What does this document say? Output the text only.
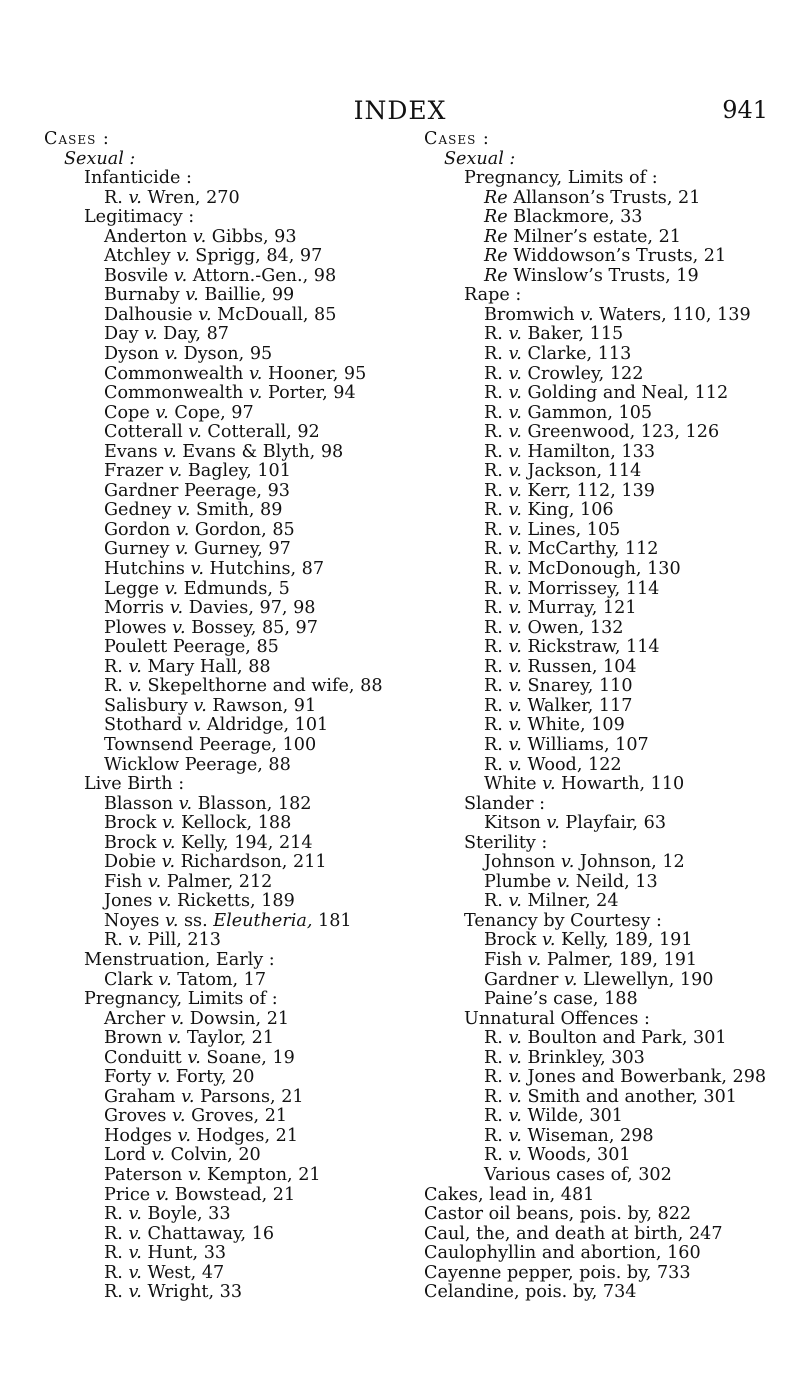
INDEX	941
Cases :
Sexual :
Infanticide :
R. v. Wren, 270
Legitimacy :
Anderton v. Gibbs, 93
Atchley v. Sprigg, 84, 97
Bosvile v. Attorn.-Gen., 98
Burnaby v. Baillie, 99
Dalhousie v. McDouall, 85
Day v. Day, 87
Dyson v. Dyson, 95
Commonwealth v. Hooner, 95
Commonwealth v. Porter, 94
Cope v. Cope, 97
Cotterall v. Cotterall, 92
Evans v. Evans & Blyth, 98
Frazer v. Bagley, 101
Gardner Peerage, 93
Gedney v. Smith, 89
Gordon v. Gordon, 85
Gurney v. Gurney, 97
Hutchins v. Hutchins, 87
Legge v. Edmunds, 5
Morris v. Davies, 97, 98
Plowes v. Bossey, 85, 97
Poulett Peerage, 85
R. v. Mary Hall, 88
R. v. Skepelthorne and wife, 88
Salisbury v. Rawson, 91
Stothard v. Aldridge, 101
Townsend Peerage, 100
Wicklow Peerage, 88
Live Birth :
Blasson v. Blasson, 182
Brock v. Kellock, 188
Brock v. Kelly, 194, 214
Dobie v. Richardson, 211
Fish v. Palmer, 212
Jones v. Ricketts, 189
Noyes v. ss. Eleutheria, 181
R. v. Pill, 213
Menstruation, Early :
Clark v. Tatom, 17
Pregnancy, Limits of :
Archer v. Dowsin, 21
Brown v. Taylor, 21
Conduitt v. Soane, 19
Forty v. Forty, 20
Graham v. Parsons, 21
Groves v. Groves, 21
Hodges v. Hodges, 21
Lord v. Colvin, 20
Paterson v. Kempton, 21
Price v. Bowstead, 21
R. v. Boyle, 33
R. v. Chattaway, 16
R. v. Hunt, 33
R. v. West, 47
R. v. Wright, 33
Cases :
Sexual :
Pregnancy, Limits of :
Re Allanson’s Trusts, 21
Re Blackmore, 33
Re Milner’s estate, 21
Re Widdowson’s Trusts, 21
Re Winslow’s Trusts, 19
Rape :
Bromwich v. Waters, 110, 139
R. v. Baker, 115
R. v. Clarke, 113
R. v. Crowley, 122
R. v. Golding and Neal, 112
R. v. Gammon, 105
R. v. Greenwood, 123, 126
R. v. Hamilton, 133
R. v. Jackson, 114
R. v. Kerr, 112, 139
R. v. King, 106
R. v. Lines, 105
R. v. McCarthy, 112
R. v. McDonough, 130
R. v. Morrissey, 114
R. v. Murray, 121
R. v. Owen, 132
R. v. Rickstraw, 114
R. v. Russen, 104
R. v. Snarey, 110
R. v. Walker, 117
R. v. White, 109
R. v. Williams, 107
R. v. Wood, 122
White v. Howarth, 110
Slander :
Kitson v. Playfair, 63
Sterility :
Johnson v. Johnson, 12
Plumbe v. Neild, 13
R. v. Milner, 24
Tenancy by Courtesy :
Brock v. Kelly, 189, 191
Fish v. Palmer, 189, 191
Gardner v. Llewellyn, 190
Paine’s case, 188
Unnatural Offences :
R. v. Boulton and Park, 301
R. v. Brinkley, 303
R. v. Jones and Bowerbank, 298
R. v. Smith and another, 301
R. v. Wilde, 301
R. v. Wiseman, 298
R. v. Woods, 301
Various cases of, 302
Cakes, lead in, 481
Castor oil beans, pois. by, 822
Caul, the, and death at birth, 247
Caulophyllin and abortion, 160
Cayenne pepper, pois. by, 733
Celandine, pois. by, 734
